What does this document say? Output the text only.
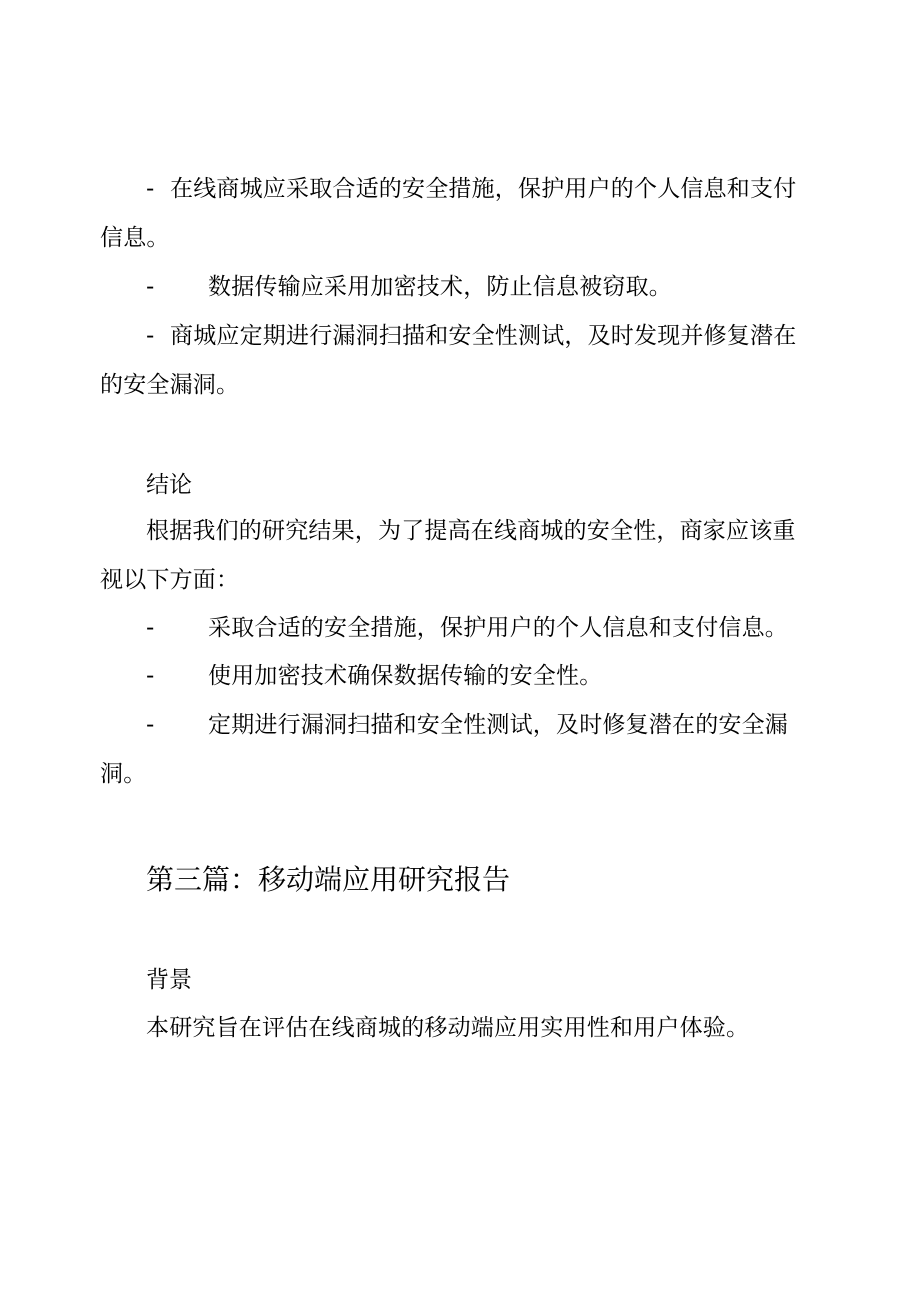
- 在线商城应采取合适的安全措施，保护用户的个人信息和支付
信息。
- 数据传输应采用加密技术，防止信息被窃取。
- 商城应定期进行漏洞扫描和安全性测试，及时发现并修复潜在
的安全漏洞。
结论
根据我们的研究结果，为了提高在线商城的安全性，商家应该重
视以下方面：
- 采取合适的安全措施，保护用户的个人信息和支付信息。
- 使用加密技术确保数据传输的安全性。
- 定期进行漏洞扫描和安全性测试，及时修复潜在的安全漏
洞。
第三篇：移动端应用研究报告
背景
本研究旨在评估在线商城的移动端应用实用性和用户体验。
